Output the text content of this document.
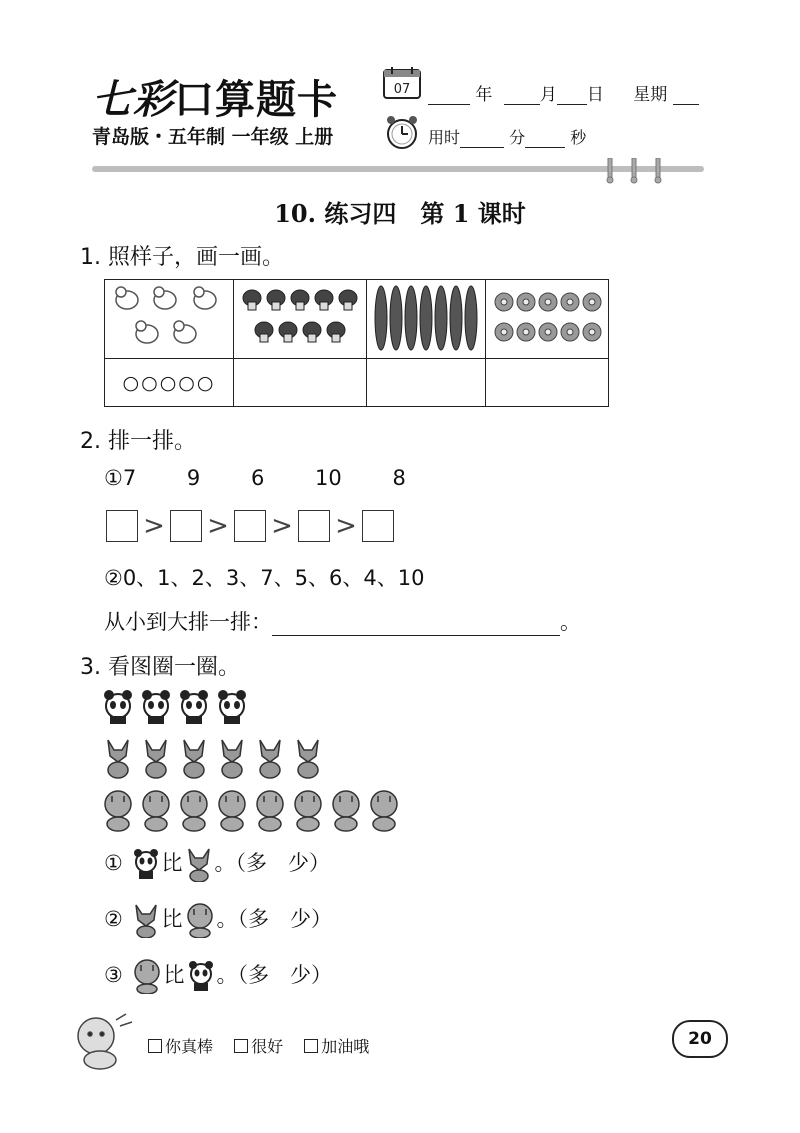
七彩口算题卡	07	年	月 日 星期
青岛版・五年制 一年级 上册	用时	分	秒
10. 练习四　第 1 课时
1. 照样子，画一画。

○○○○○			
2. 排一排。
①7 9 6 10 8
> > > >
②0、1、2、3、7、5、6、4、10
从小到大排一排：	。
3. 看图圈一圈。
① 比 。（多　少）
② 比 。（多　少）
③ 比 。（多　少）
你真棒 很好 加油哦	20
